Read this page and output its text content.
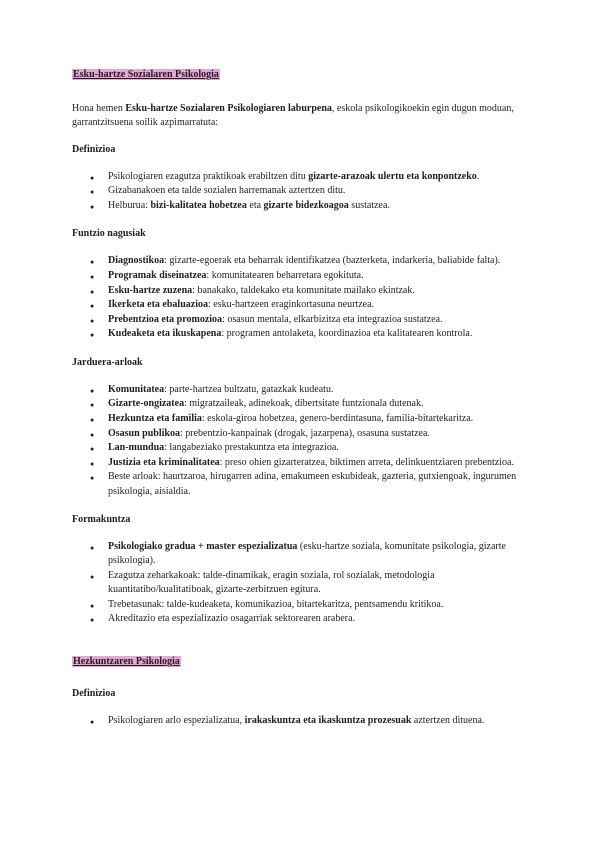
Esku-hartze Sozialaren Psikologia

Hona hemen Esku-hartze Sozialaren Psikologiaren laburpena, eskola psikologikoekin egin dugun moduan, garrantzitsuena soilik azpimarratuta:

Definizioa
● Psikologiaren ezagutza praktikoak erabiltzen ditu gizarte-arazoak ulertu eta konpontzeko.
● Gizabanakoen eta talde sozialen harremanak aztertzen ditu.
● Helburua: bizi-kalitatea hobetzea eta gizarte bidezkoagoa sustatzea.
Funtzio nagusiak
● Diagnostikoa: gizarte-egoerak eta beharrak identifikatzea (bazterketa, indarkeria, baliabide falta).
● Programak diseinatzea: komunitatearen beharretara egokituta.
● Esku-hartze zuzena: banakako, taldekako eta komunitate mailako ekintzak.
● Ikerketa eta ebaluazioa: esku-hartzeen eraginkortasuna neurtzea.
● Prebentzioa eta promozioa: osasun mentala, elkarbizitza eta integrazioa sustatzea.
● Kudeaketa eta ikuskapena: programen antolaketa, koordinazioa eta kalitatearen kontrola.
Jarduera-arloak
● Komunitatea: parte-hartzea bultzatu, gatazkak kudeatu.
● Gizarte-ongizatea: migratzaileak, adinekoak, dibertsitate funtzionala dutenak.
● Hezkuntza eta familia: eskola-giroa hobetzea, genero-berdintasuna, familia-bitartekaritza.
● Osasun publikoa: prebentzio-kanpainak (drogak, jazarpena), osasuna sustatzea.
● Lan-mundua: langabeziako prestakuntza eta integrazioa.
● Justizia eta kriminalitatea: preso ohien gizarteratzea, biktimen arreta, delinkuentziaren prebentzioa.
● Beste arloak: haurtzaroa, hirugarren adina, emakumeen eskubideak, gazteria, gutxiengoak, ingurumen psikologia, aisialdia.
Formakuntza
● Psikologiako gradua + master espezializatua (esku-hartze soziala, komunitate psikologia, gizarte psikologia).
● Ezagutza zeharkakoak: talde-dinamikak, eragin soziala, rol sozialak, metodologia kuantitatibo/kualitatiboak, gizarte-zerbitzuen egitura.
● Trebetasunak: talde-kudeaketa, komunikazioa, bitartekaritza, pentsamendu kritikoa.
● Akreditazio eta espezializazio osagarriak sektorearen arabera.
Hezkuntzaren Psikologia
Definizioa
● Psikologiaren arlo espezializatua, irakaskuntza eta ikaskuntza prozesuak aztertzen dituena.
